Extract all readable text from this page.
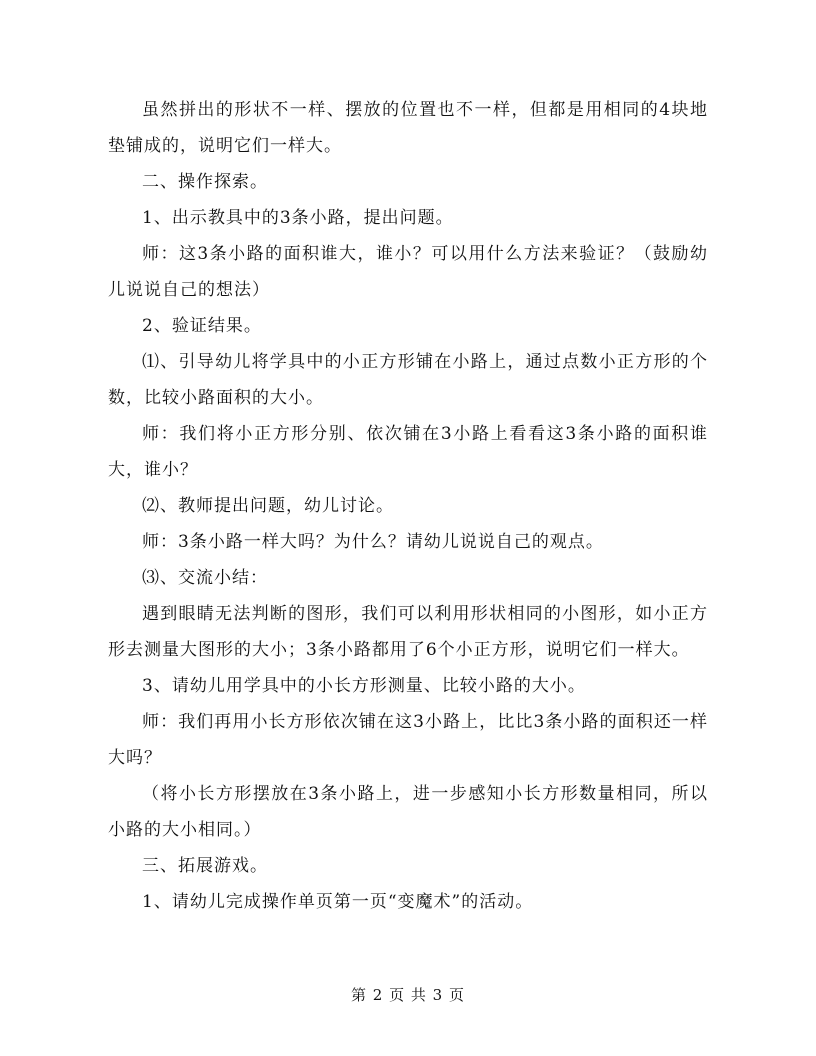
虽然拼出的形状不一样、摆放的位置也不一样，但都是用相同的4块地垫铺成的，说明它们一样大。

二、操作探索。

1、出示教具中的3条小路，提出问题。

师：这3条小路的面积谁大，谁小？可以用什么方法来验证？（鼓励幼儿说说自己的想法）

2、验证结果。

⑴、引导幼儿将学具中的小正方形铺在小路上，通过点数小正方形的个数，比较小路面积的大小。

师：我们将小正方形分别、依次铺在3小路上看看这3条小路的面积谁大，谁小？

⑵、教师提出问题，幼儿讨论。

师：3条小路一样大吗？为什么？请幼儿说说自己的观点。

⑶、交流小结：

遇到眼睛无法判断的图形，我们可以利用形状相同的小图形，如小正方形去测量大图形的大小；3条小路都用了6个小正方形，说明它们一样大。

3、请幼儿用学具中的小长方形测量、比较小路的大小。

师：我们再用小长方形依次铺在这3小路上，比比3条小路的面积还一样大吗？

（将小长方形摆放在3条小路上，进一步感知小长方形数量相同，所以小路的大小相同。）

三、拓展游戏。

1、请幼儿完成操作单页第一页“变魔术”的活动。

第 2 页 共 3 页
